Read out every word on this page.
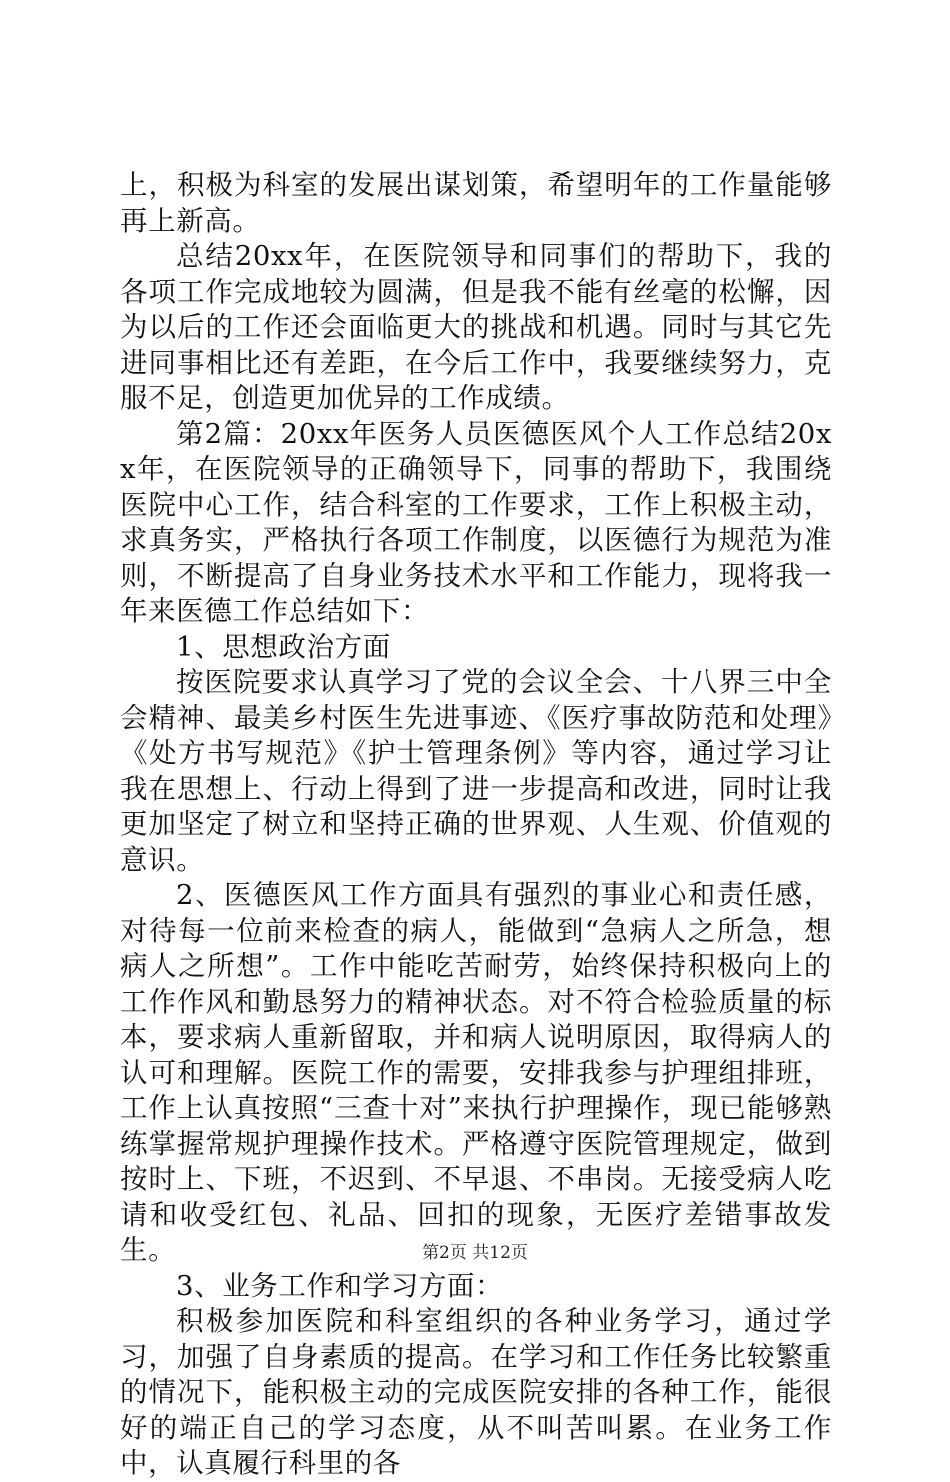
上，积极为科室的发展出谋划策，希望明年的工作量能够再上新高。

总结20xx年，在医院领导和同事们的帮助下，我的各项工作完成地较为圆满，但是我不能有丝毫的松懈，因为以后的工作还会面临更大的挑战和机遇。同时与其它先进同事相比还有差距，在今后工作中，我要继续努力，克服不足，创造更加优异的工作成绩。

第2篇：20xx年医务人员医德医风个人工作总结20xx年，在医院领导的正确领导下，同事的帮助下，我围绕医院中心工作，结合科室的工作要求，工作上积极主动，求真务实，严格执行各项工作制度，以医德行为规范为准则，不断提高了自身业务技术水平和工作能力，现将我一年来医德工作总结如下：

1、思想政治方面

按医院要求认真学习了党的会议全会、十八界三中全会精神、最美乡村医生先进事迹、《医疗事故防范和处理》《处方书写规范》《护士管理条例》等内容，通过学习让我在思想上、行动上得到了进一步提高和改进，同时让我更加坚定了树立和坚持正确的世界观、人生观、价值观的意识。

2、医德医风工作方面具有强烈的事业心和责任感，对待每一位前来检查的病人，能做到“急病人之所急，想病人之所想”。工作中能吃苦耐劳，始终保持积极向上的工作作风和勤恳努力的精神状态。对不符合检验质量的标本，要求病人重新留取，并和病人说明原因，取得病人的认可和理解。医院工作的需要，安排我参与护理组排班，工作上认真按照“三查十对”来执行护理操作，现已能够熟练掌握常规护理操作技术。严格遵守医院管理规定，做到按时上、下班，不迟到、不早退、不串岗。无接受病人吃请和收受红包、礼品、回扣的现象，无医疗差错事故发生。

3、业务工作和学习方面：

积极参加医院和科室组织的各种业务学习，通过学习，加强了自身素质的提高。在学习和工作任务比较繁重的情况下，能积极主动的完成医院安排的各种工作，能很好的端正自己的学习态度，从不叫苦叫累。在业务工作中，认真履行科里的各

第2页 共12页
